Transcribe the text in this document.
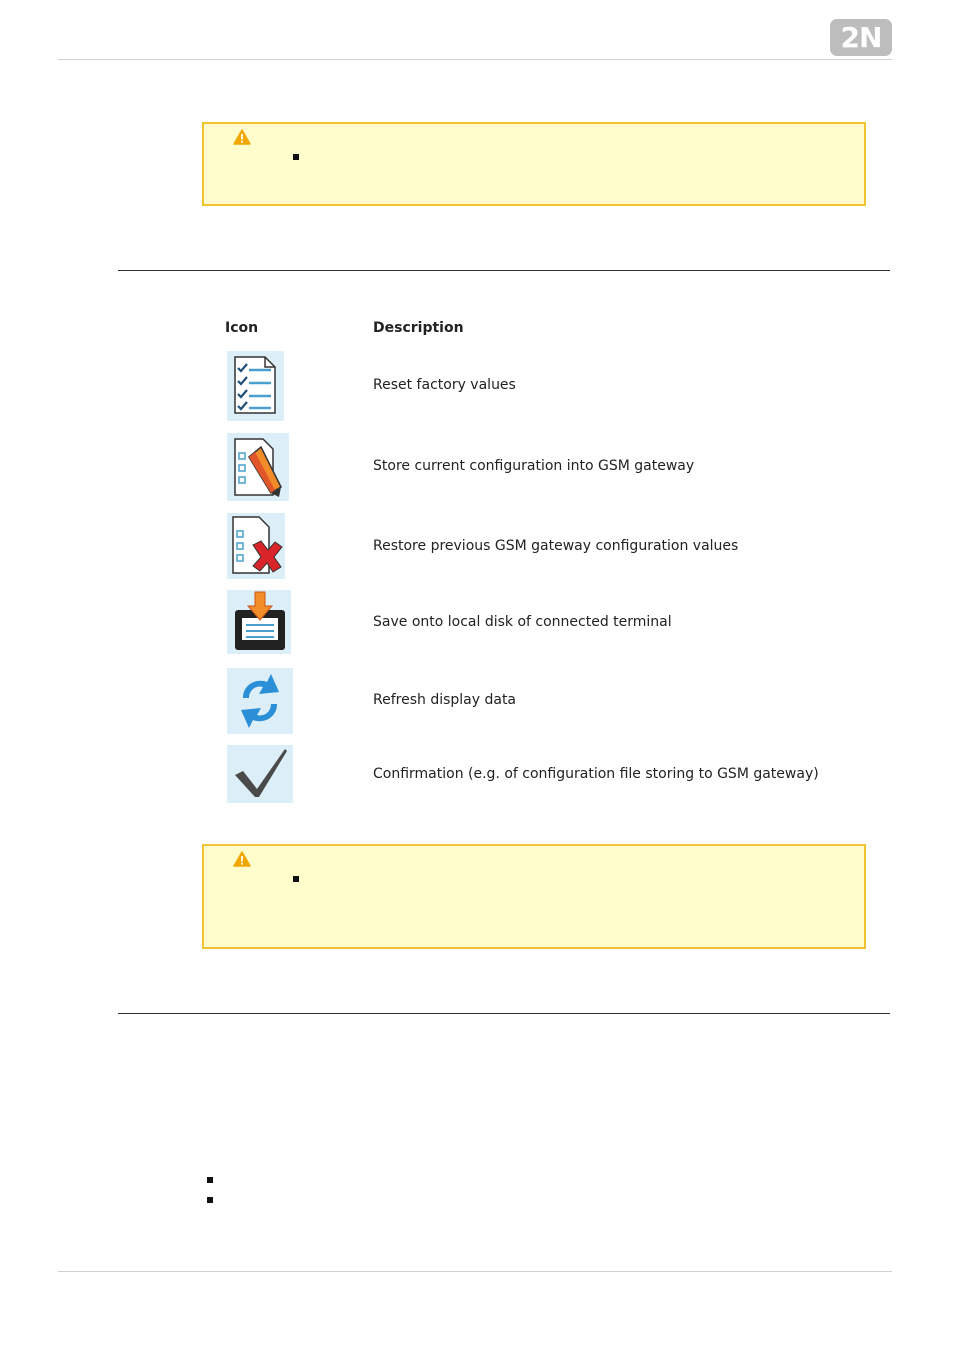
2N
Icon	Description
Reset factory values
Store current configuration into GSM gateway
Restore previous GSM gateway configuration values
Save onto local disk of connected terminal
Refresh display data
Confirmation (e.g. of configuration file storing to GSM gateway)
